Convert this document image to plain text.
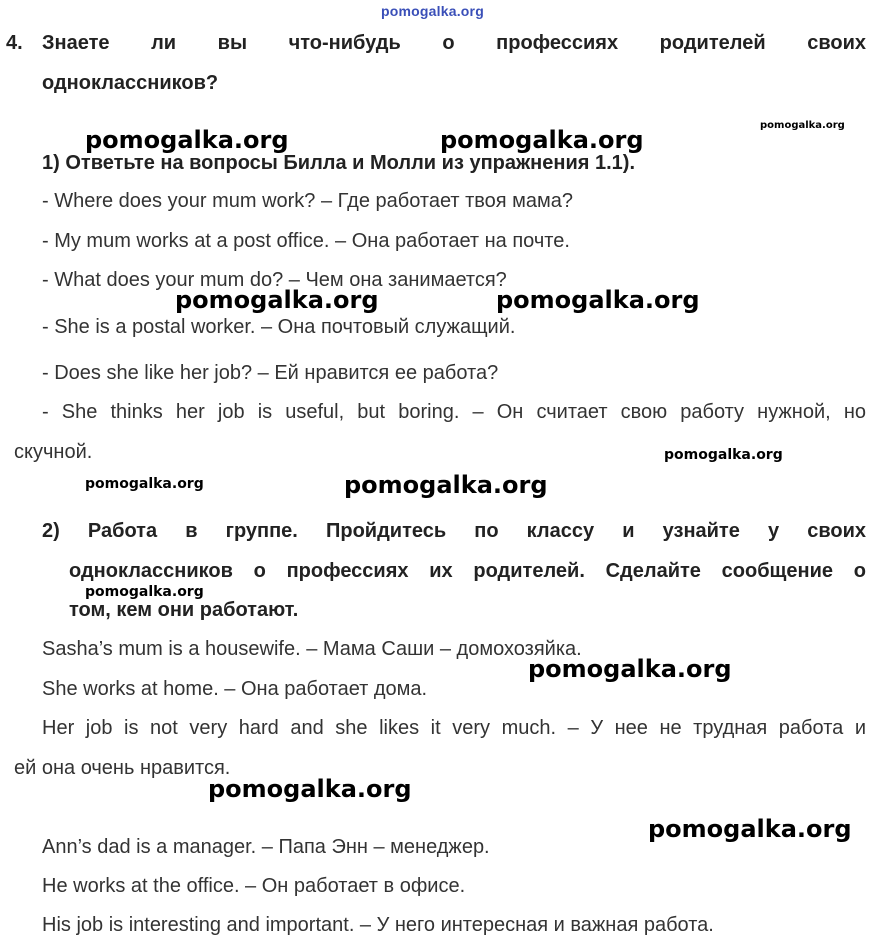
pomogalka.org
4. Знаете ли вы что-нибудь о профессиях родителей своих
одноклассников?
1) Ответьте на вопросы Билла и Молли из упражнения 1.1).
- Where does your mum work? – Где работает твоя мама?
- My mum works at a post office. – Она работает на почте.
- What does your mum do? – Чем она занимается?
- She is a postal worker. – Она почтовый служащий.
- Does she like her job? – Ей нравится ее работа?
- She thinks her job is useful, but boring. – Он считает свою работу нужной, но
скучной.
2) Работа в группе. Пройдитесь по классу и узнайте у своих
одноклассников о профессиях их родителей. Сделайте сообщение о
том, кем они работают.
Sasha’s mum is a housewife. – Мама Саши – домохозяйка.
She works at home. – Она работает дома.
Her job is not very hard and she likes it very much. – У нее не трудная работа и
ей она очень нравится.
Ann’s dad is a manager. – Папа Энн – менеджер.
He works at the office. – Он работает в офисе.
His job is interesting and important. – У него интересная и важная работа.
pomogalka.org	pomogalka.org
pomogalka.org
pomogalka.org	pomogalka.org
pomogalka.org
pomogalka.org	pomogalka.org
pomogalka.org
pomogalka.org
pomogalka.org
pomogalka.org
